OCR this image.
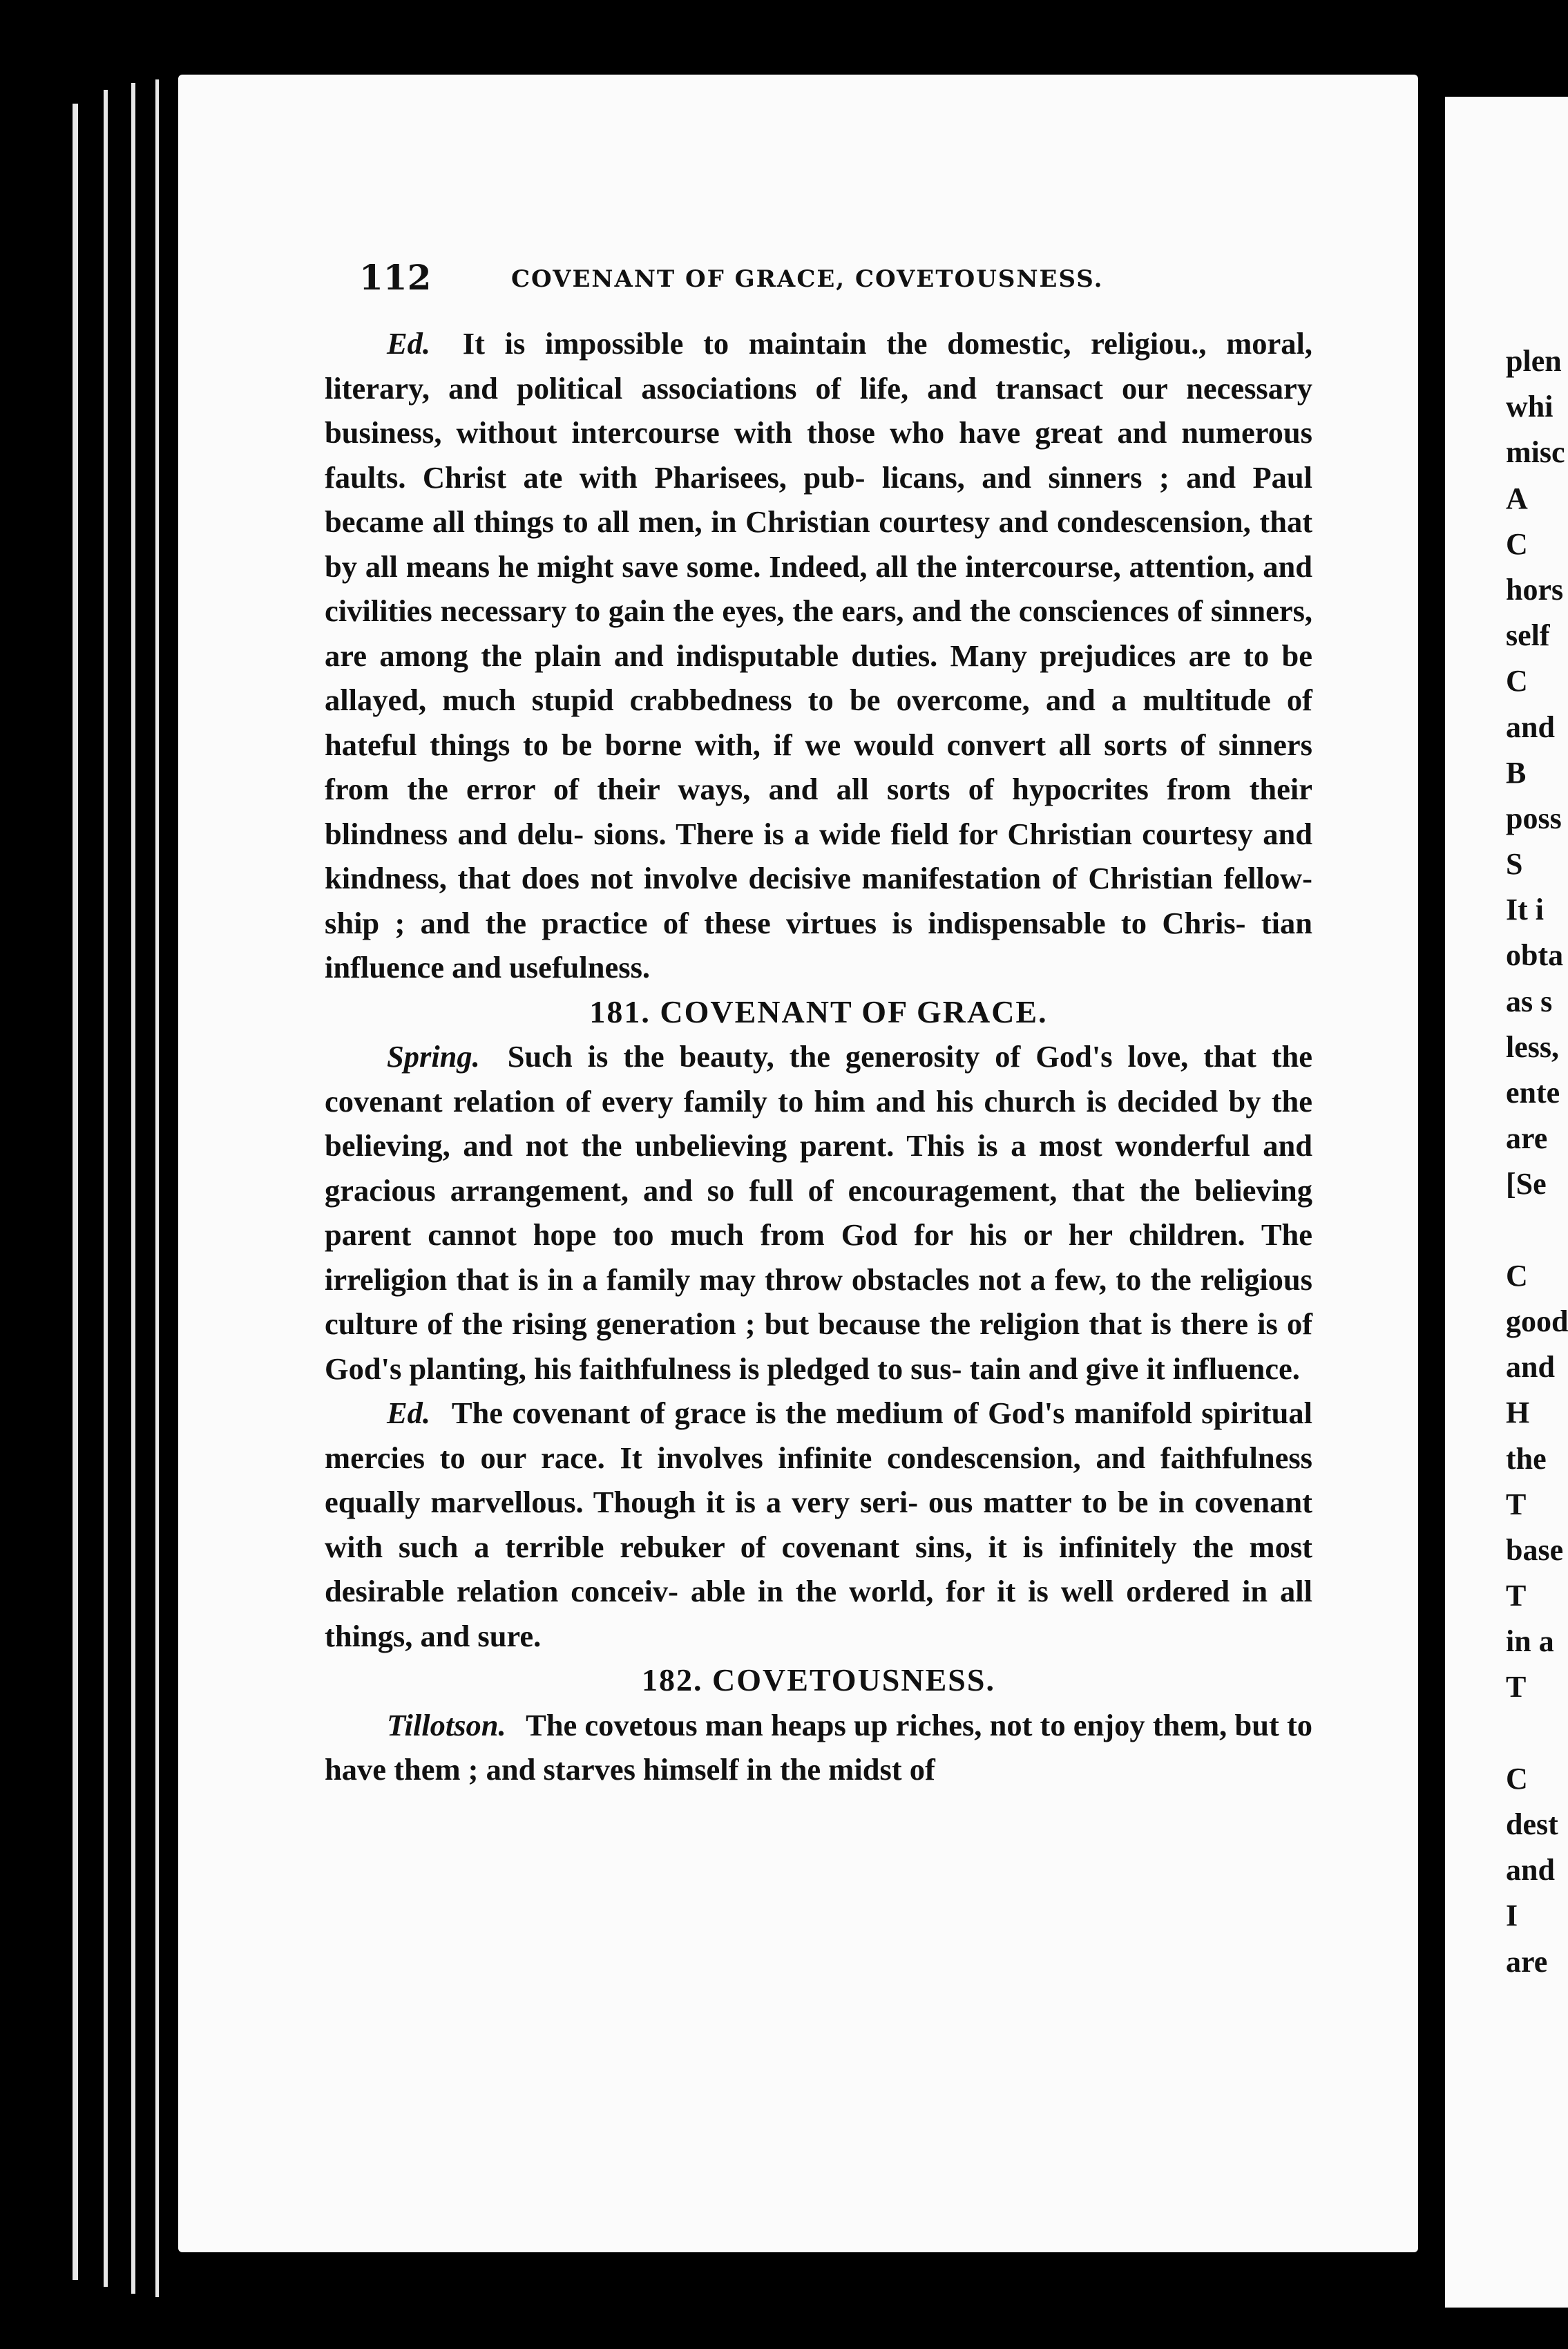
112	COVENANT OF GRACE, COVETOUSNESS.

Ed. It is impossible to maintain the domestic, religiou., moral, literary, and political associations of life, and transact our necessary business, without intercourse with those who have great and numerous faults. Christ ate with Pharisees, pub- licans, and sinners ; and Paul became all things to all men, in Christian courtesy and condescension, that by all means he might save some. Indeed, all the intercourse, attention, and civilities necessary to gain the eyes, the ears, and the consciences of sinners, are among the plain and indisputable duties. Many prejudices are to be allayed, much stupid crabbedness to be overcome, and a multitude of hateful things to be borne with, if we would convert all sorts of sinners from the error of their ways, and all sorts of hypocrites from their blindness and delu- sions. There is a wide field for Christian courtesy and kindness, that does not involve decisive manifestation of Christian fellow- ship ; and the practice of these virtues is indispensable to Chris- tian influence and usefulness.

181. COVENANT OF GRACE.

Spring. Such is the beauty, the generosity of God's love, that the covenant relation of every family to him and his church is decided by the believing, and not the unbelieving parent. This is a most wonderful and gracious arrangement, and so full of encouragement, that the believing parent cannot hope too much from God for his or her children. The irreligion that is in a family may throw obstacles not a few, to the religious culture of the rising generation ; but because the religion that is there is of God's planting, his faithfulness is pledged to sus- tain and give it influence.

Ed. The covenant of grace is the medium of God's manifold spiritual mercies to our race. It involves infinite condescension, and faithfulness equally marvellous. Though it is a very seri- ous matter to be in covenant with such a terrible rebuker of covenant sins, it is infinitely the most desirable relation conceiv- able in the world, for it is well ordered in all things, and sure.

182. COVETOUSNESS.

Tillotson. The covetous man heaps up riches, not to enjoy them, but to have them ; and starves himself in the midst of

plen
whi
misc
A
C
hors
self
C
and
B
poss
S
It i
obta
as s
less,
ente
are
[Se
C
good
and
H
the
T
base
T
in a
T
C
dest
and
I
are
